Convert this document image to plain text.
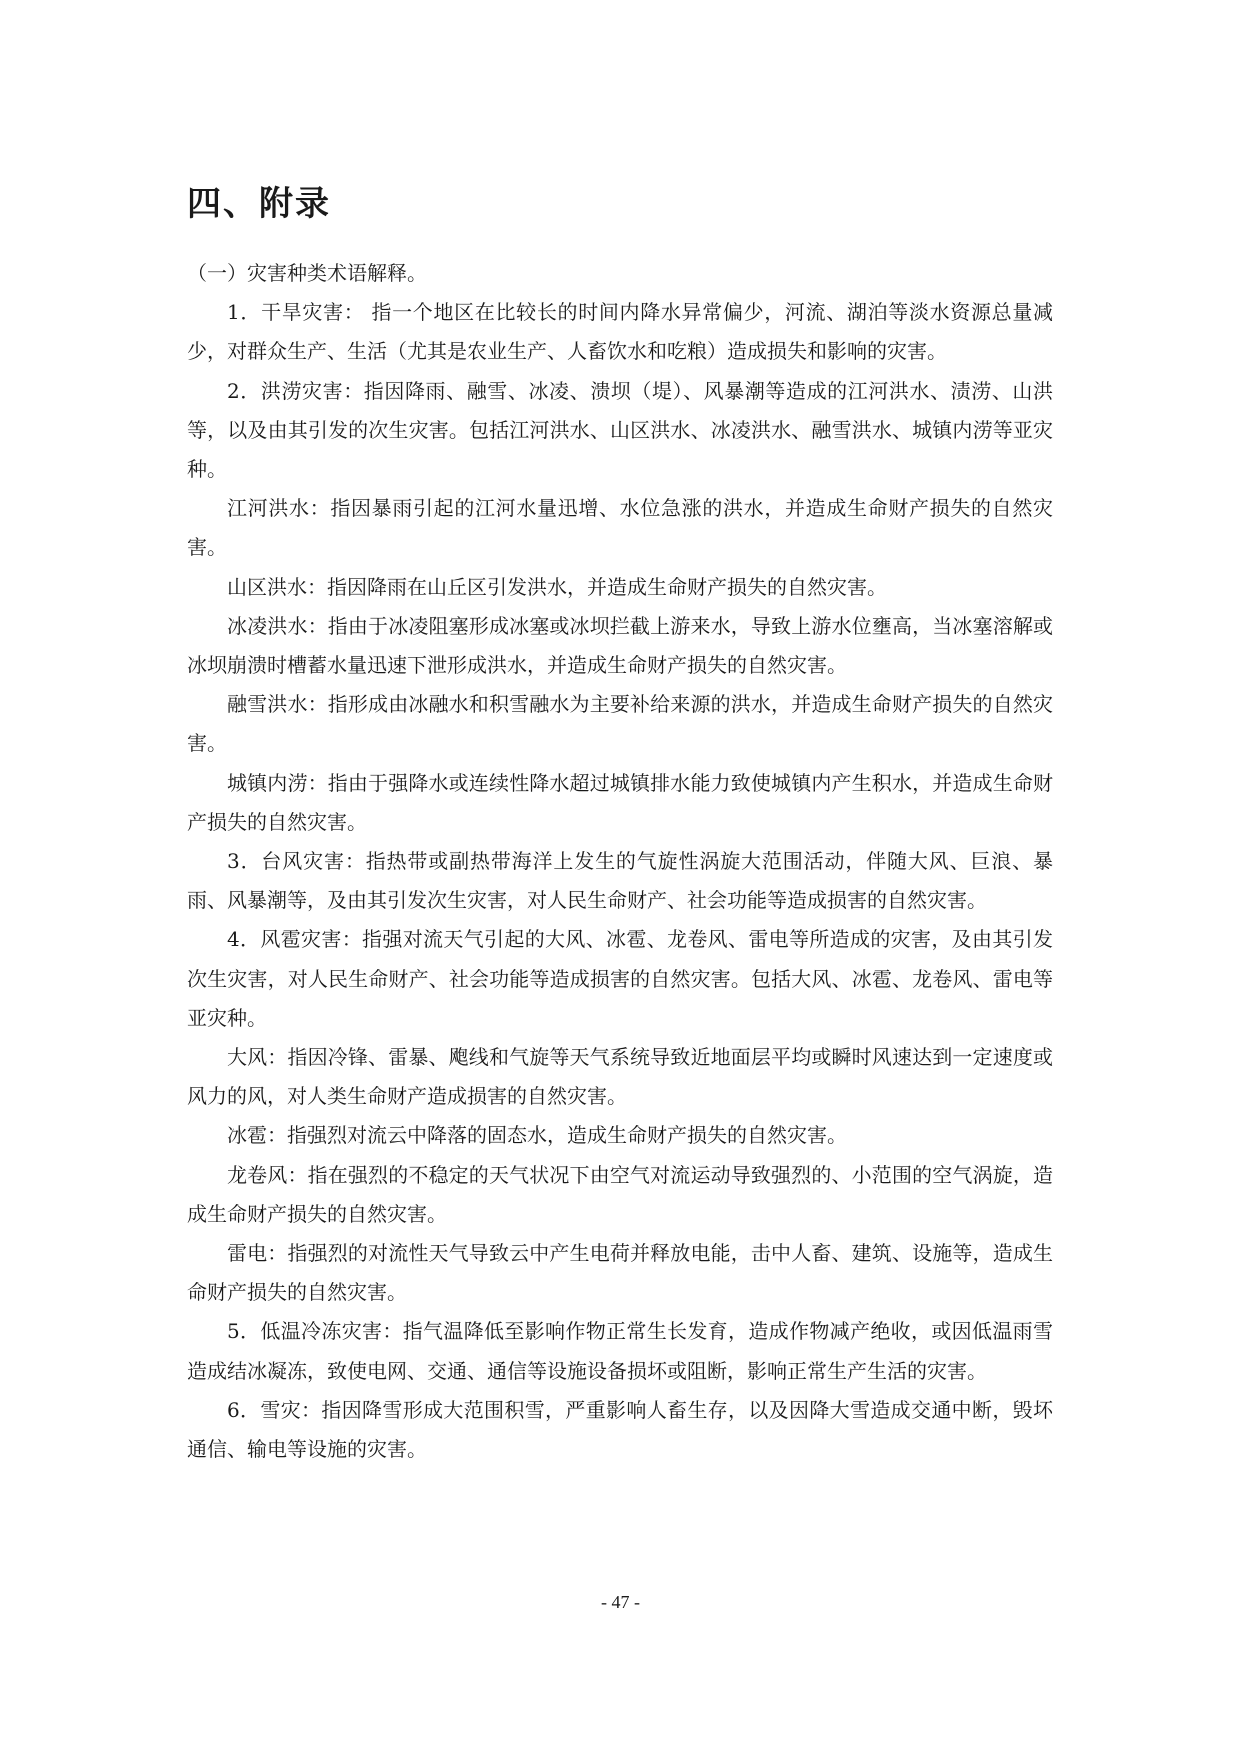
四、附录

（一）灾害种类术语解释。

1．干旱灾害： 指一个地区在比较长的时间内降水异常偏少，河流、湖泊等淡水资源总量减少，对群众生产、生活（尤其是农业生产、人畜饮水和吃粮）造成损失和影响的灾害。

2．洪涝灾害：指因降雨、融雪、冰凌、溃坝（堤）、风暴潮等造成的江河洪水、渍涝、山洪等，以及由其引发的次生灾害。包括江河洪水、山区洪水、冰凌洪水、融雪洪水、城镇内涝等亚灾种。

江河洪水：指因暴雨引起的江河水量迅增、水位急涨的洪水，并造成生命财产损失的自然灾害。

山区洪水：指因降雨在山丘区引发洪水，并造成生命财产损失的自然灾害。

冰凌洪水：指由于冰凌阻塞形成冰塞或冰坝拦截上游来水，导致上游水位壅高，当冰塞溶解或冰坝崩溃时槽蓄水量迅速下泄形成洪水，并造成生命财产损失的自然灾害。

融雪洪水：指形成由冰融水和积雪融水为主要补给来源的洪水，并造成生命财产损失的自然灾害。

城镇内涝：指由于强降水或连续性降水超过城镇排水能力致使城镇内产生积水，并造成生命财产损失的自然灾害。

3．台风灾害：指热带或副热带海洋上发生的气旋性涡旋大范围活动，伴随大风、巨浪、暴雨、风暴潮等，及由其引发次生灾害，对人民生命财产、社会功能等造成损害的自然灾害。

4．风雹灾害：指强对流天气引起的大风、冰雹、龙卷风、雷电等所造成的灾害，及由其引发次生灾害，对人民生命财产、社会功能等造成损害的自然灾害。包括大风、冰雹、龙卷风、雷电等亚灾种。

大风：指因冷锋、雷暴、飑线和气旋等天气系统导致近地面层平均或瞬时风速达到一定速度或风力的风，对人类生命财产造成损害的自然灾害。

冰雹：指强烈对流云中降落的固态水，造成生命财产损失的自然灾害。

龙卷风：指在强烈的不稳定的天气状况下由空气对流运动导致强烈的、小范围的空气涡旋，造成生命财产损失的自然灾害。

雷电：指强烈的对流性天气导致云中产生电荷并释放电能，击中人畜、建筑、设施等，造成生命财产损失的自然灾害。

5．低温冷冻灾害：指气温降低至影响作物正常生长发育，造成作物减产绝收，或因低温雨雪造成结冰凝冻，致使电网、交通、通信等设施设备损坏或阻断，影响正常生产生活的灾害。

6．雪灾：指因降雪形成大范围积雪，严重影响人畜生存，以及因降大雪造成交通中断，毁坏通信、输电等设施的灾害。

- 47 -
